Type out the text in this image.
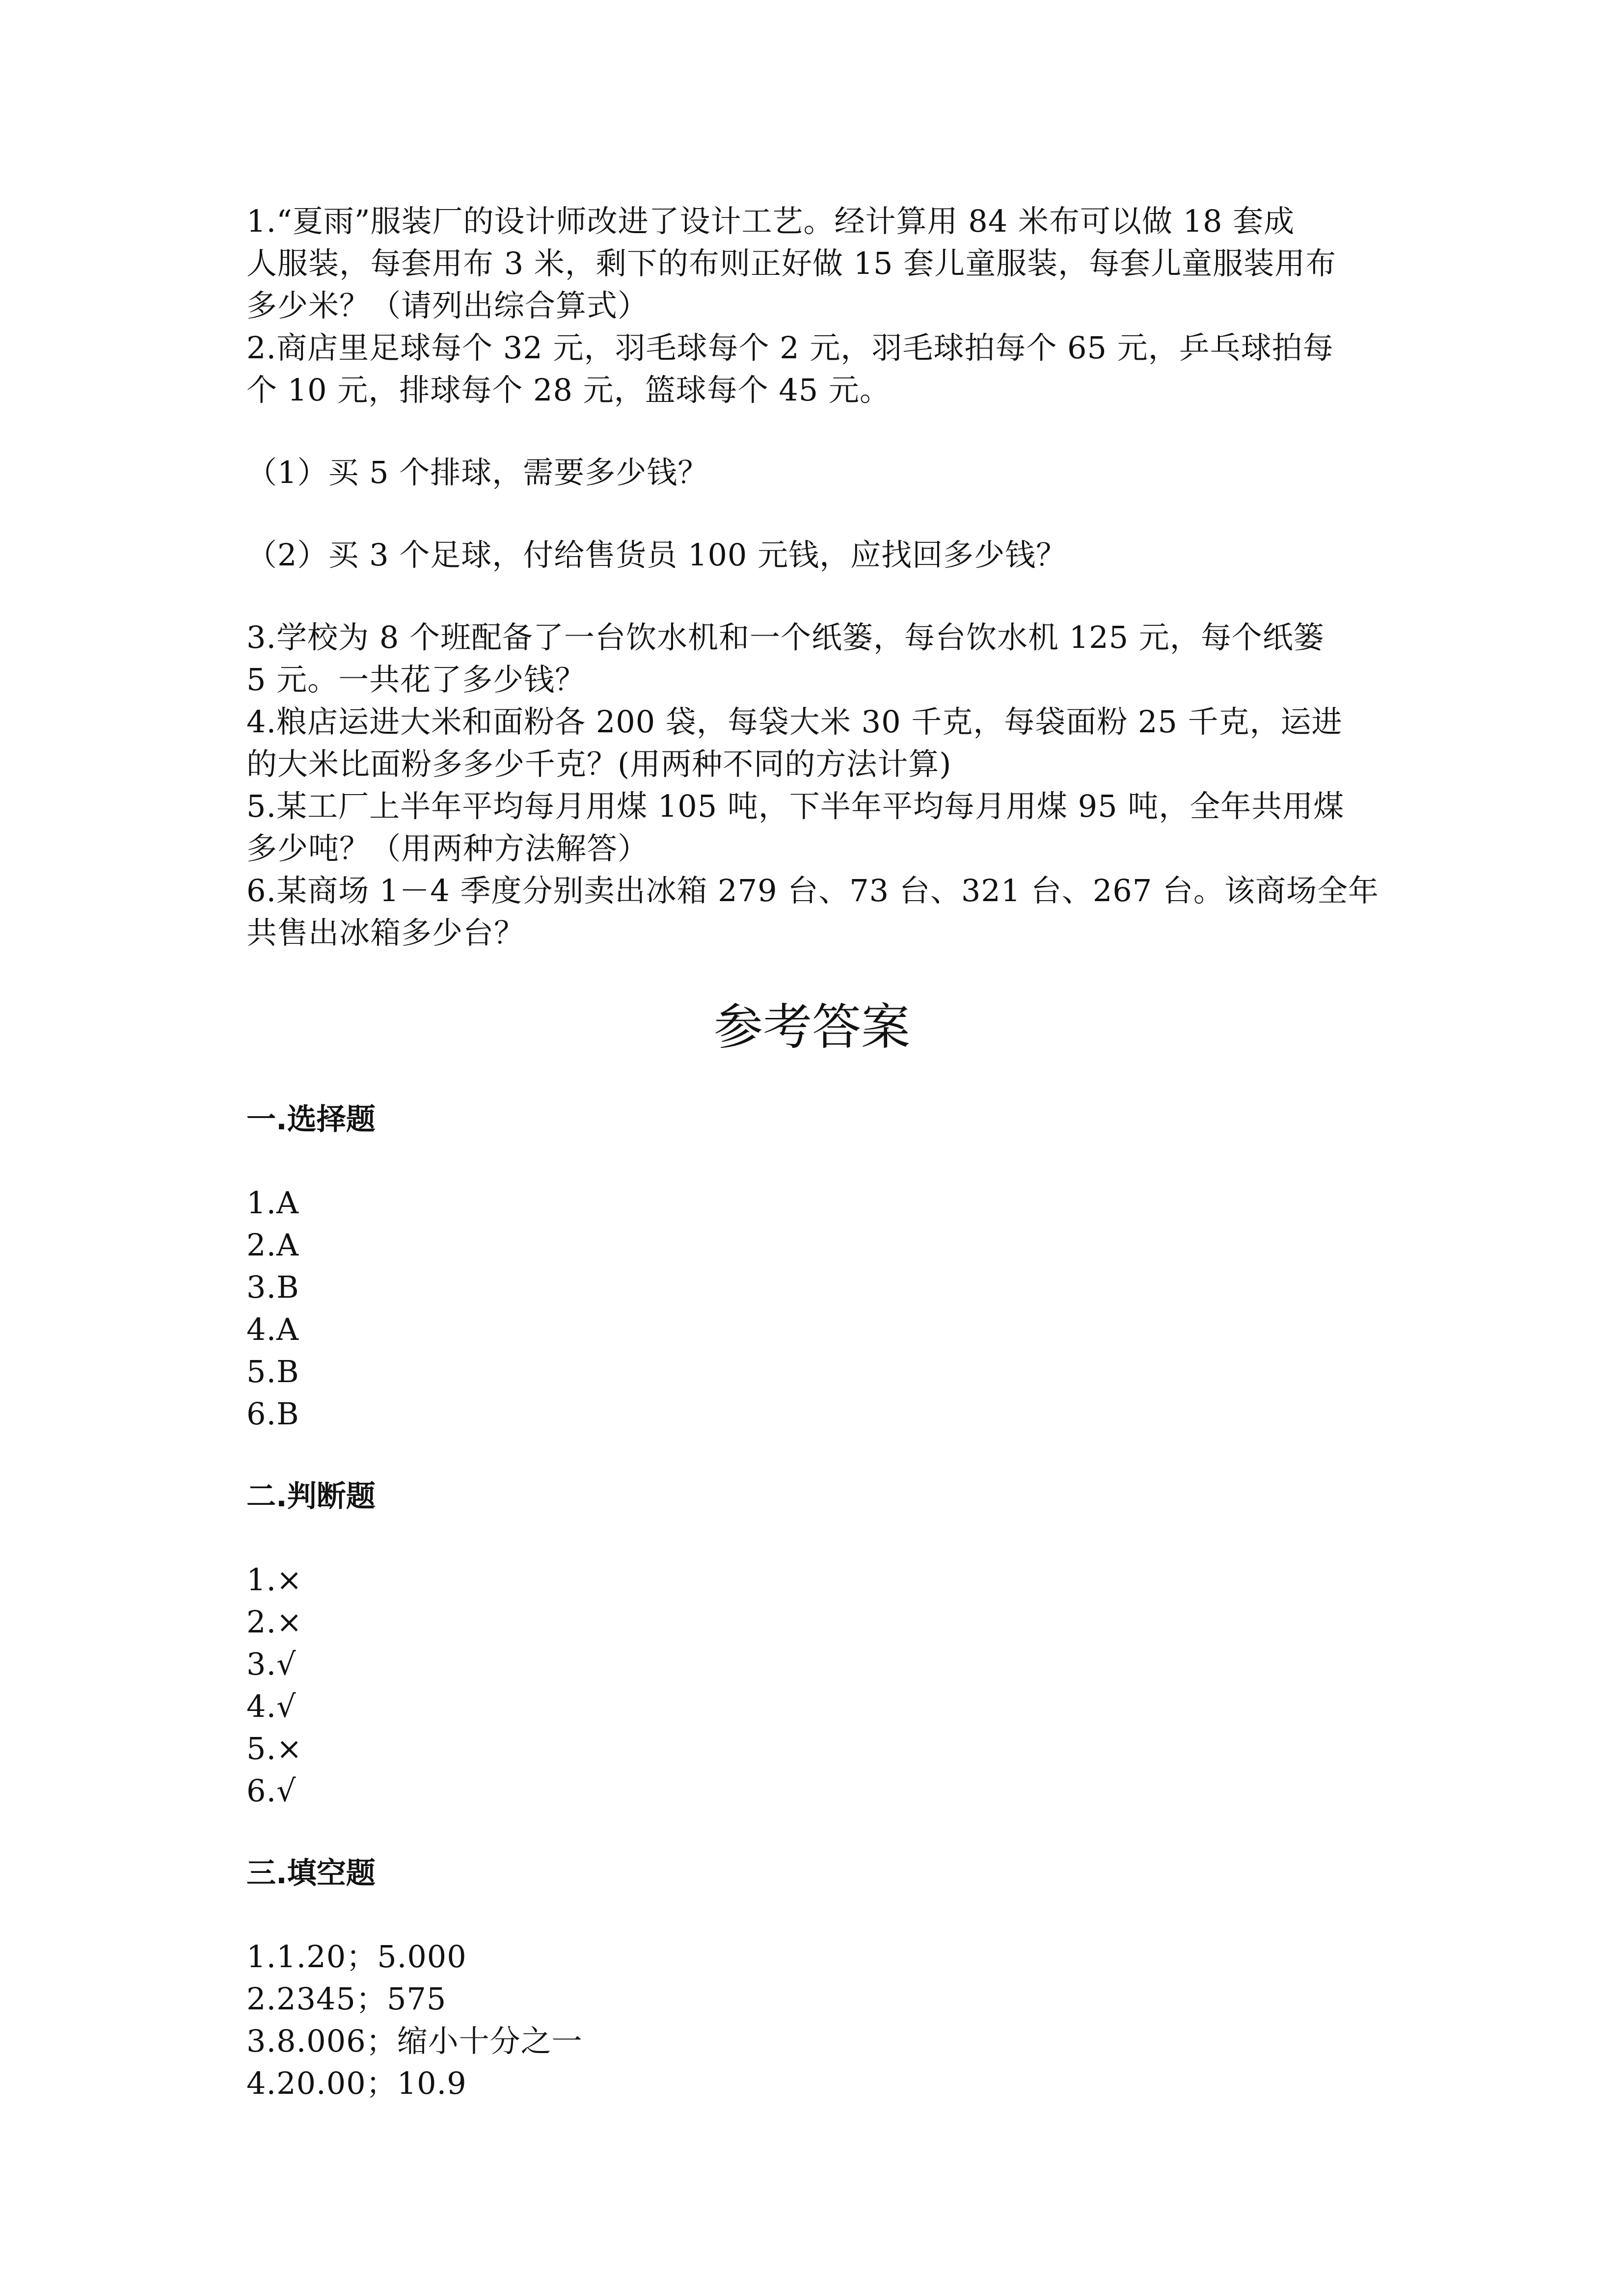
1.“夏雨”服装厂的设计师改进了设计工艺。经计算用 84 米布可以做 18 套成
人服装，每套用布 3 米，剩下的布则正好做 15 套儿童服装，每套儿童服装用布
多少米？（请列出综合算式）
2.商店里足球每个 32 元，羽毛球每个 2 元，羽毛球拍每个 65 元，乒乓球拍每
个 10 元，排球每个 28 元，篮球每个 45 元。
（1）买 5 个排球，需要多少钱？
（2）买 3 个足球，付给售货员 100 元钱，应找回多少钱？
3.学校为 8 个班配备了一台饮水机和一个纸篓，每台饮水机 125 元，每个纸篓
5 元。一共花了多少钱？
4.粮店运进大米和面粉各 200 袋，每袋大米 30 千克，每袋面粉 25 千克，运进
的大米比面粉多多少千克？(用两种不同的方法计算)
5.某工厂上半年平均每月用煤 105 吨，下半年平均每月用煤 95 吨，全年共用煤
多少吨？（用两种方法解答）
6.某商场 1－4 季度分别卖出冰箱 279 台、73 台、321 台、267 台。该商场全年
共售出冰箱多少台？
参考答案
一.选择题
1.A
2.A
3.B
4.A
5.B
6.B
二.判断题
1.×
2.×
3.√
4.√
5.×
6.√
三.填空题
1.1.20；5.000
2.2345；575
3.8.006；缩小十分之一
4.20.00；10.9
